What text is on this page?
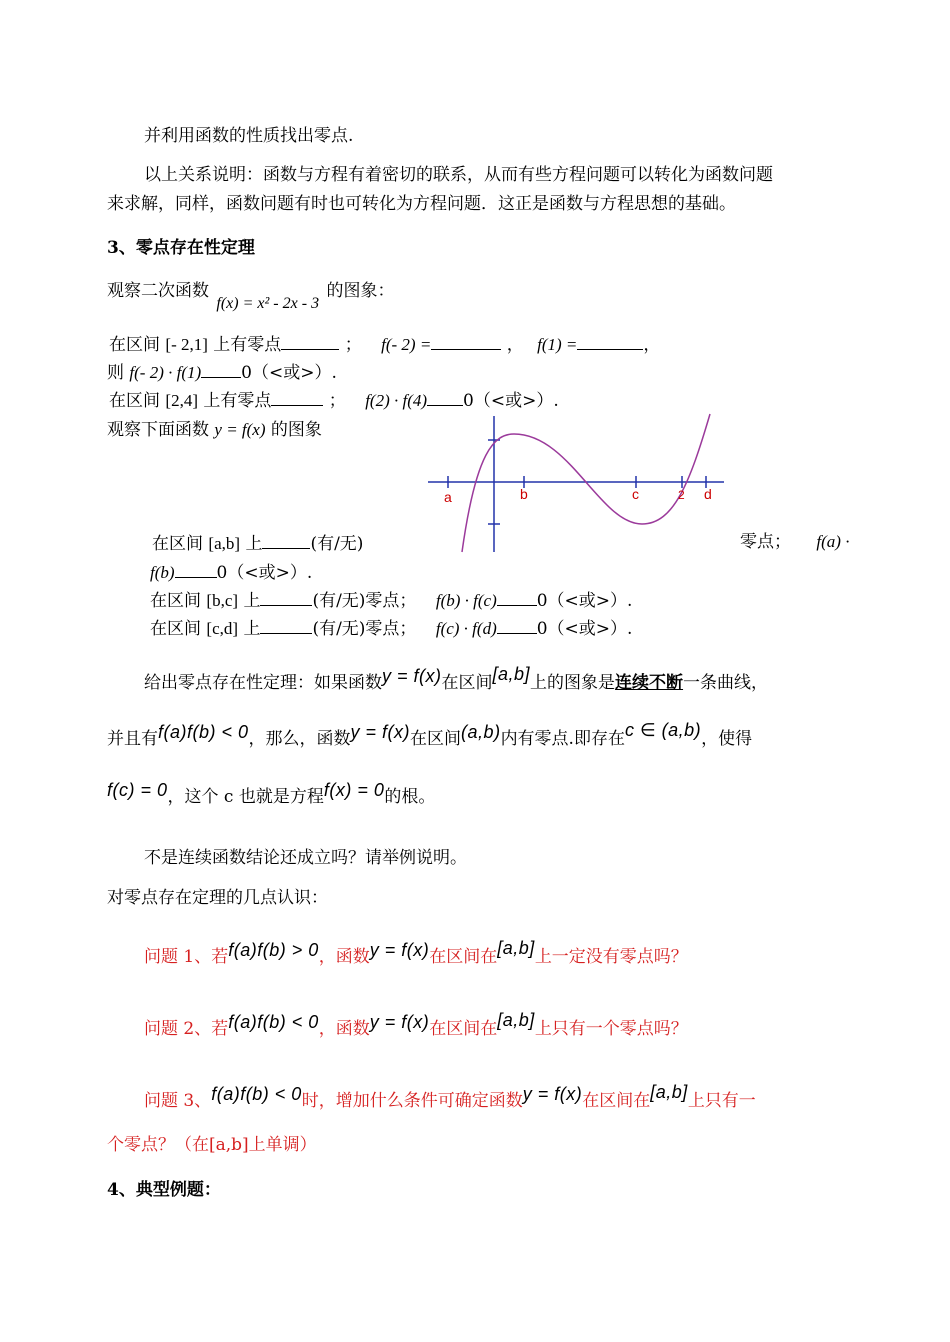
并利用函数的性质找出零点.
以上关系说明：函数与方程有着密切的联系，从而有些方程问题可以转化为函数问题
来求解，同样，函数问题有时也可转化为方程问题．这正是函数与方程思想的基础。
3、零点存在性定理
观察二次函数 f(x) = x² - 2x - 3 的图象：
在区间 [- 2,1] 上有零点	； f(- 2) =	， f(1) =	，
则 f(- 2) · f(1) 0（<或>）.
在区间 [2,4] 上有零点	； f(2) · f(4) 0（<或>）.
观察下面函数 y = f(x) 的图象
a	b	c	2 d
在区间 [a,b] 上	(有/无)	零点； f(a) ·
f(b) 0（<或>）.
在区间 [b,c] 上	(有/无)零点； f(b) · f(c) 0（<或>）.
在区间 [c,d] 上	(有/无)零点； f(c) · f(d) 0（<或>）.
给出零点存在性定理：如果函数y = f(x)在区间[a,b]上的图象是连续不断一条曲线，
并且有f(a)f(b) < 0，那么，函数y = f(x)在区间(a,b)内有零点.即存在c ∈ (a,b)，使得
f(c) = 0，这个 c 也就是方程f(x) = 0的根。
不是连续函数结论还成立吗？请举例说明。
对零点存在定理的几点认识：
问题 1、若f(a)f(b) > 0，函数y = f(x)在区间在[a,b]上一定没有零点吗？
问题 2、若f(a)f(b) < 0，函数y = f(x)在区间在[a,b]上只有一个零点吗？
问题 3、f(a)f(b) < 0时，增加什么条件可确定函数y = f(x)在区间在[a,b]上只有一
个零点？（在[a,b]上单调）
4、典型例题：
